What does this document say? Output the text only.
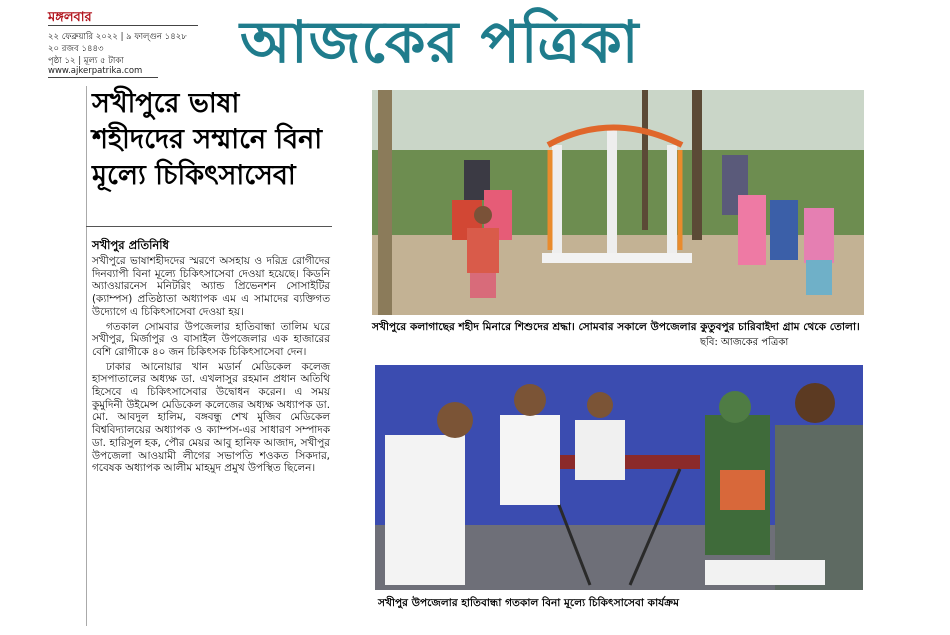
মঙ্গলবার
২২ ফেব্রুয়ারি ২০২২ | ৯ ফাল্গুন ১৪২৮
২০ রজব ১৪৪৩
পৃষ্ঠা ১২ | মূল্য ৫ টাকা
www.ajkerpatrika.com আজকের পত্রিকা
সখীপুরে ভাষা শহীদদের সম্মানে বিনা মূল্যে চিকিৎসাসেবা
সখীপুর প্রতিনিধি

সখীপুরে ভাষাশহীদদের স্মরণে অসহায় ও দরিদ্র রোগীদের দিনব্যাপী বিনা মূল্যে চিকিৎসাসেবা দেওয়া হয়েছে। কিডনি অ্যাওয়ারনেস মনিটরিং অ্যান্ড প্রিভেনশন সোসাইটির (ক্যাম্পস) প্রতিষ্ঠাতা অধ্যাপক এম এ সামাদের ব্যক্তিগত উদ্যোগে এ চিকিৎসাসেবা দেওয়া হয়।

গতকাল সোমবার উপজেলার হাতিবান্ধা তালিম ঘরে সখীপুর, মির্জাপুর ও বাসাইল উপজেলার এক হাজারের বেশি রোগীকে ৪০ জন চিকিৎসক চিকিৎসাসেবা দেন।

ঢাকার আনোয়ার খান মডার্ন মেডিকেল কলেজ হাসপাতালের অধ্যক্ষ ডা. এখলাসুর রহমান প্রধান অতিথি হিসেবে এ চিকিৎসাসেবার উদ্বোধন করেন। এ সময় কুমুদিনী উইমেন্স মেডিকেল কলেজের অধ্যক্ষ অধ্যাপক ডা. মো. আবদুল হালিম, বঙ্গবন্ধু শেখ মুজিব মেডিকেল বিশ্ববিদ্যালয়ের অধ্যাপক ও ক্যাম্পস-এর সাধারণ সম্পাদক ডা. হারিসুল হক, পৌর মেয়র আবু হানিফ আজাদ, সখীপুর উপজেলা আওয়ামী লীগের সভাপতি শওকত সিকদার, গবেষক অধ্যাপক আলীম মাহমুদ প্রমুখ উপস্থিত ছিলেন।

সখীপুরে কলাগাছের শহীদ মিনারে শিশুদের শ্রদ্ধা। সোমবার সকালে উপজেলার কুতুবপুর চারিবাইদা গ্রাম থেকে তোলা।
ছবি: আজকের পত্রিকা
সখীপুর উপজেলার হাতিবান্ধা গতকাল বিনা মূল্যে চিকিৎসাসেবা কার্যক্রম
